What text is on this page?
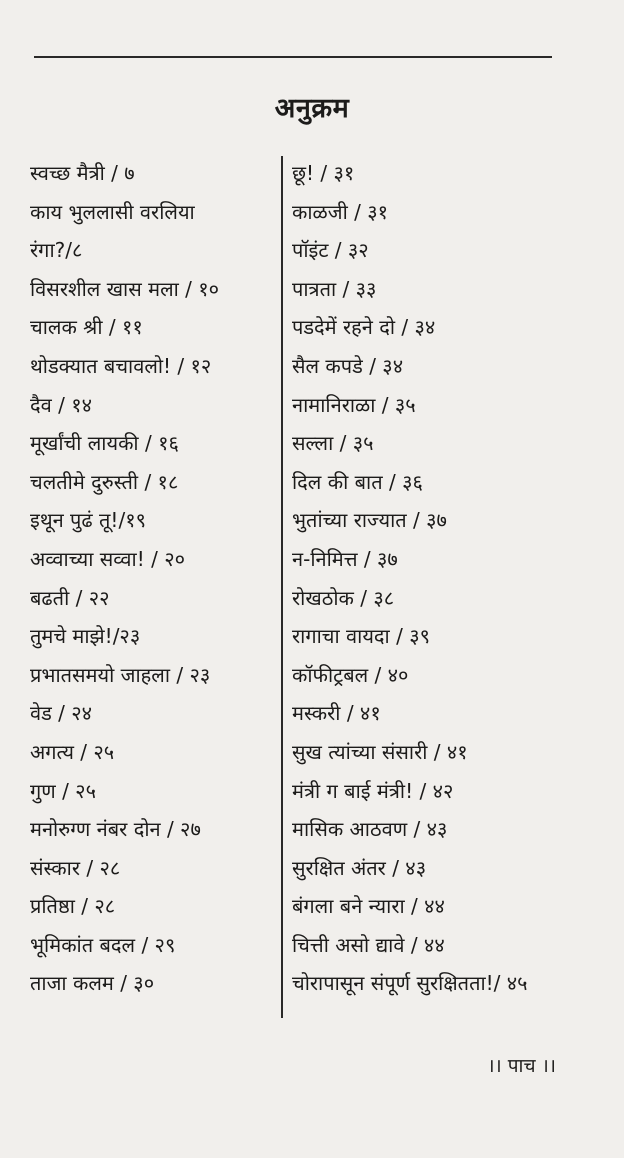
अनुक्रम
स्वच्छ मैत्री / ७
काय भुललासी वरलिया
रंगा?/८
विसरशील खास मला / १०
चालक श्री / ११
थोडक्यात बचावलो! / १२
दैव / १४
मूर्खांची लायकी / १६
चलतीमे दुरुस्ती / १८
इथून पुढं तू!/१९
अव्वाच्या सव्वा! / २०
बढती / २२
तुमचे माझे!/२३
प्रभातसमयो जाहला / २३
वेड / २४
अगत्य / २५
गुण / २५
मनोरुग्ण नंबर दोन / २७
संस्कार / २८
प्रतिष्ठा / २८
भूमिकांत बदल / २९
ताजा कलम / ३०
छू! / ३१
काळजी / ३१
पॉइंट / ३२
पात्रता / ३३
पडदेमें रहने दो / ३४
सैल कपडे / ३४
नामानिराळा / ३५
सल्ला / ३५
दिल की बात / ३६
भुतांच्या राज्यात / ३७
न-निमित्त / ३७
रोखठोक / ३८
रागाचा वायदा / ३९
कॉफीट्रबल / ४०
मस्करी / ४१
सुख त्यांच्या संसारी / ४१
मंत्री ग बाई मंत्री! / ४२
मासिक आठवण / ४३
सुरक्षित अंतर / ४३
बंगला बने न्यारा / ४४
चित्ती असो द्यावे / ४४
चोरापासून संपूर्ण सुरक्षितता!/ ४५
।। पाच ।।
